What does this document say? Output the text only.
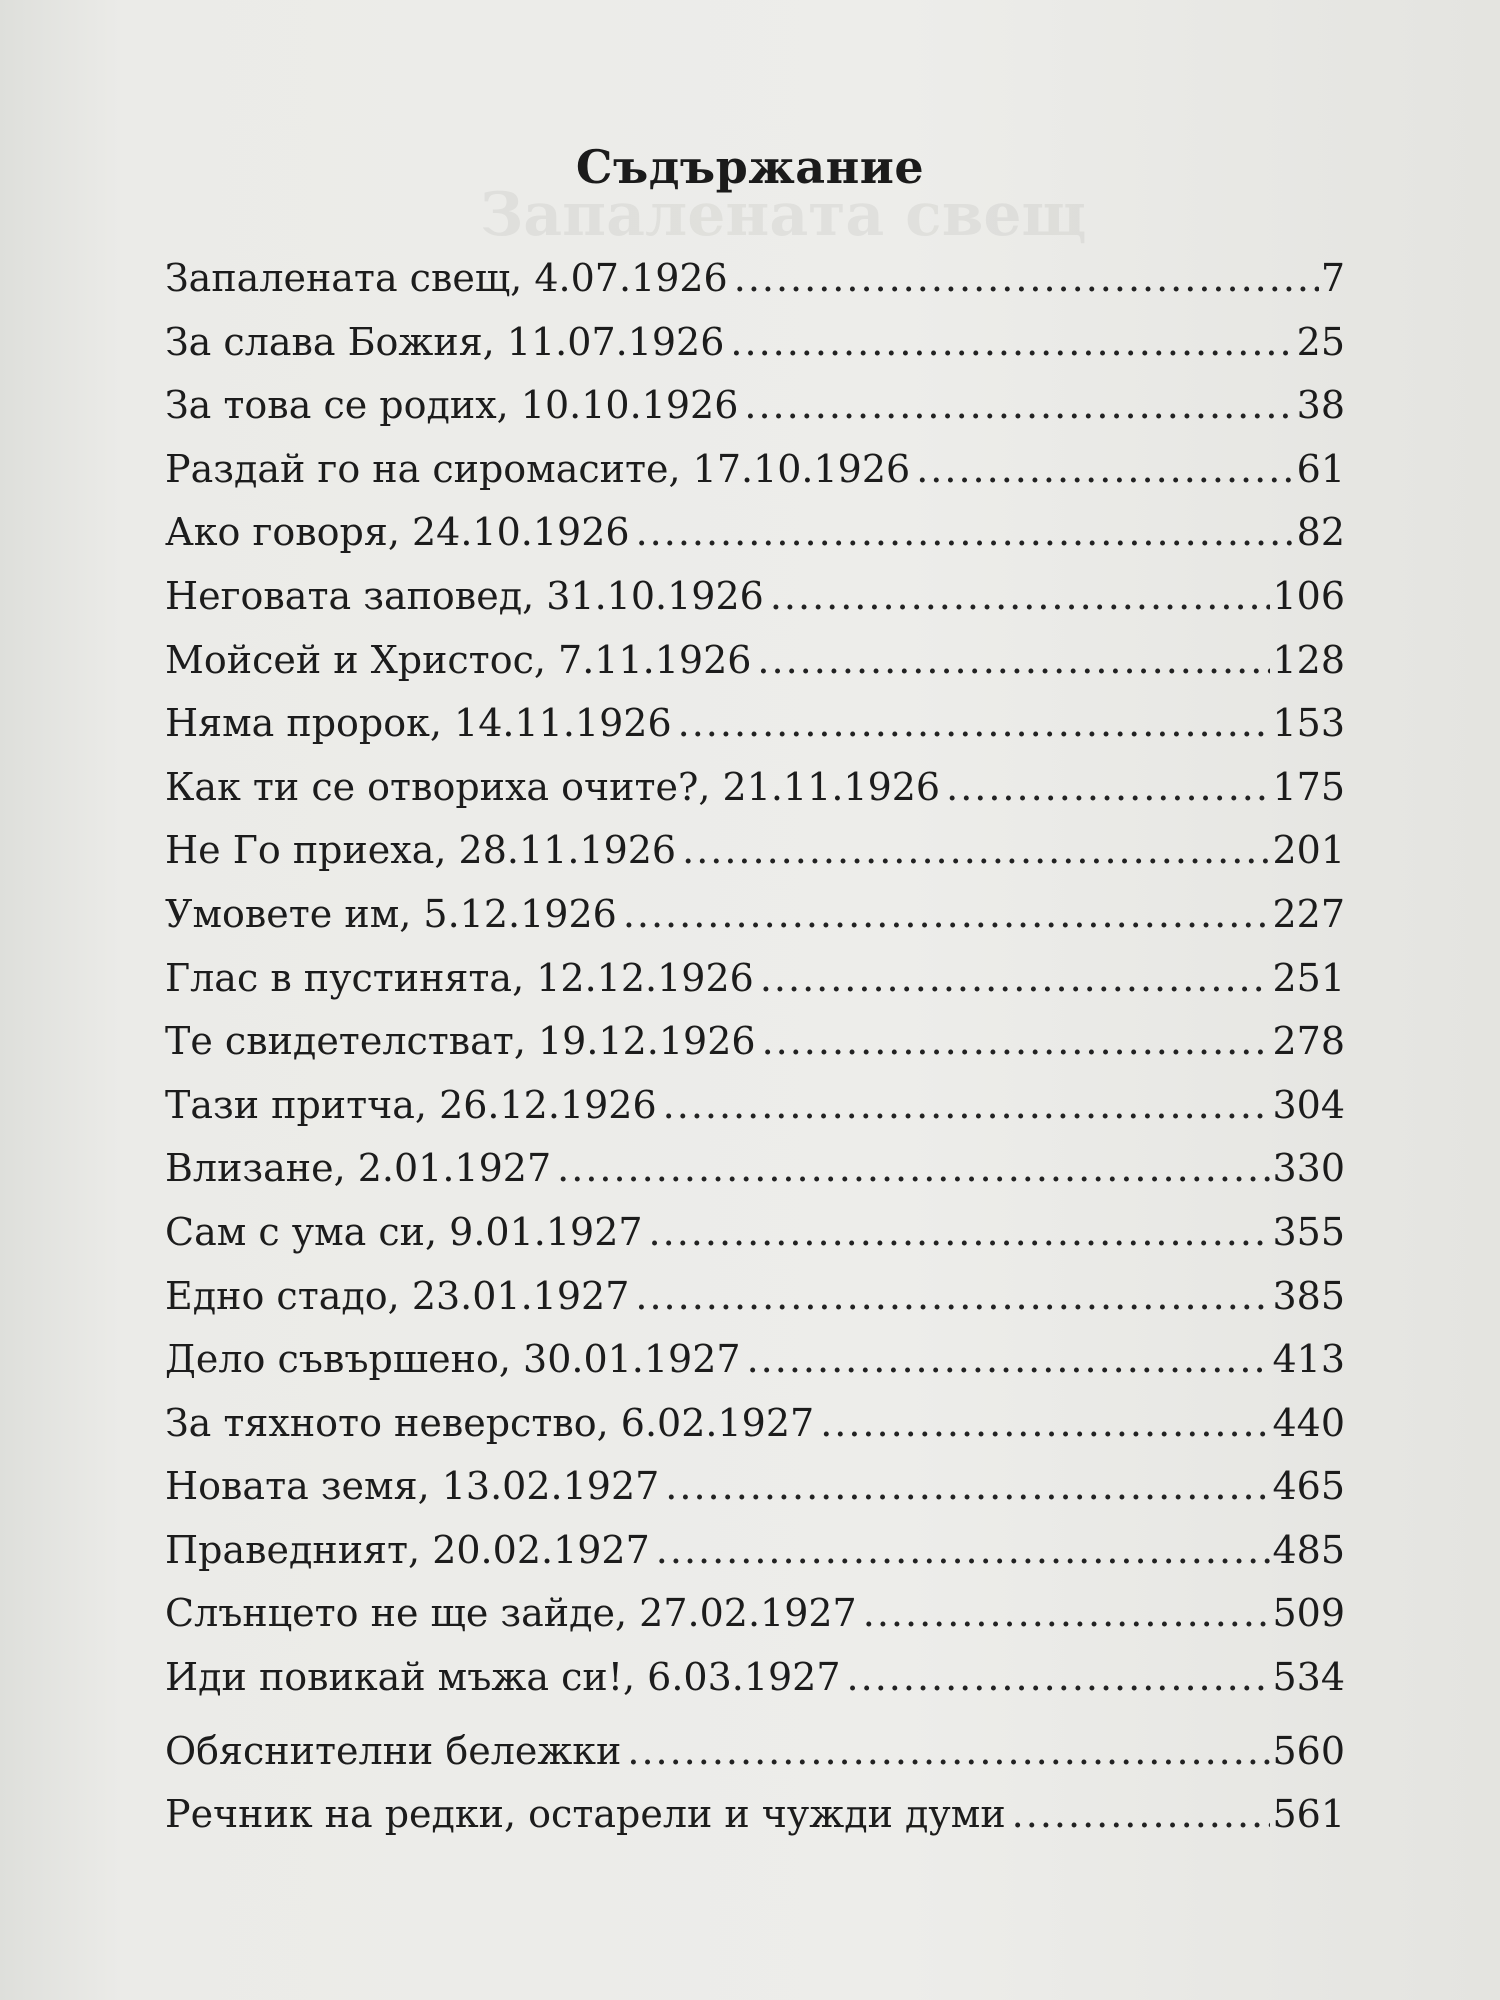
Запалената свещ
Съдържание
Запалената свещ, 4.07.1926 .....	7
За слава Божия, 11.07.1926 .....	25
За това се родих, 10.10.1926 .....	38
Раздай го на сиромасите, 17.10.1926 .....	61
Ако говоря, 24.10.1926 .....	82
Неговата заповед, 31.10.1926 .....	106
Мойсей и Христос, 7.11.1926 .....	128
Няма пророк, 14.11.1926 .....	153
Как ти се отвориха очите?, 21.11.1926 .....	175
Не Го приеха, 28.11.1926 .....	201
Умовете им, 5.12.1926 .....	227
Глас в пустинята, 12.12.1926 .....	251
Те свидетелстват, 19.12.1926 .....	278
Тази притча, 26.12.1926 .....	304
Влизане, 2.01.1927 .....	330
Сам с ума си, 9.01.1927 .....	355
Едно стадо, 23.01.1927 .....	385
Дело съвършено, 30.01.1927 .....	413
За тяхното неверство, 6.02.1927 .....	440
Новата земя, 13.02.1927 .....	465
Праведният, 20.02.1927 .....	485
Слънцето не ще зайде, 27.02.1927 .....	509
Иди повикай мъжа си!, 6.03.1927 .....	534
Обяснителни бележки .....	560
Речник на редки, остарели и чужди думи .....	561
